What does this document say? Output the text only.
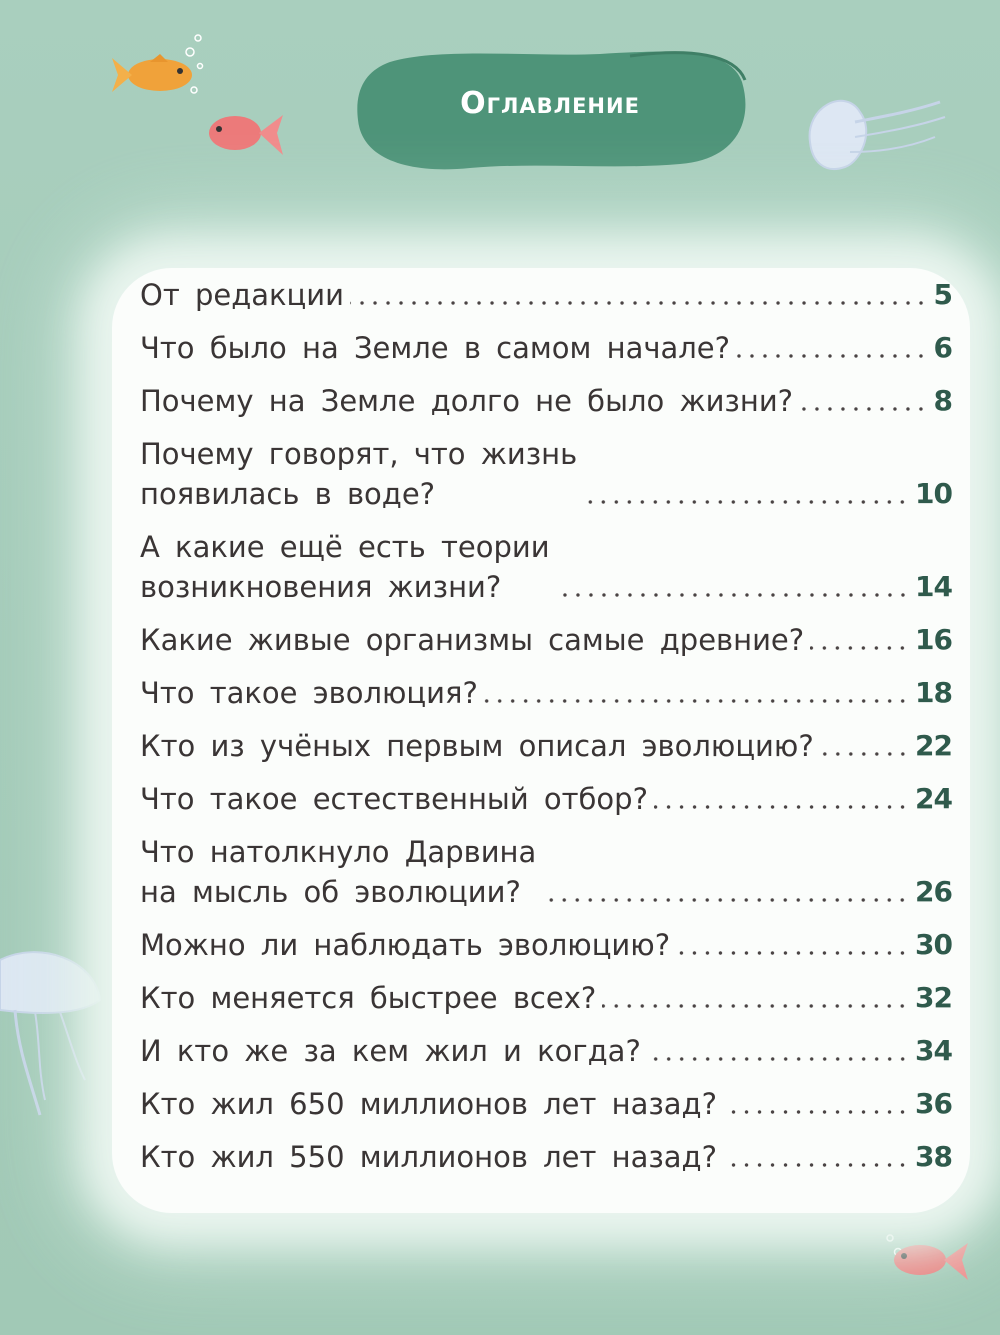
Оглавление
От редакции	5
Что было на Земле в самом начале?	6
Почему на Земле долго не было жизни?	8
Почему говорят, что жизнь
появилась в воде?	10
А какие ещё есть теории
возникновения жизни?	14
Какие живые организмы самые древние?	16
Что такое эволюция?	18
Кто из учёных первым описал эволюцию?	22
Что такое естественный отбор?	24
Что натолкнуло Дарвина
на мысль об эволюции?	26
Можно ли наблюдать эволюцию?	30
Кто меняется быстрее всех?	32
И кто же за кем жил и когда?	34
Кто жил 650 миллионов лет назад?	36
Кто жил 550 миллионов лет назад?	38
